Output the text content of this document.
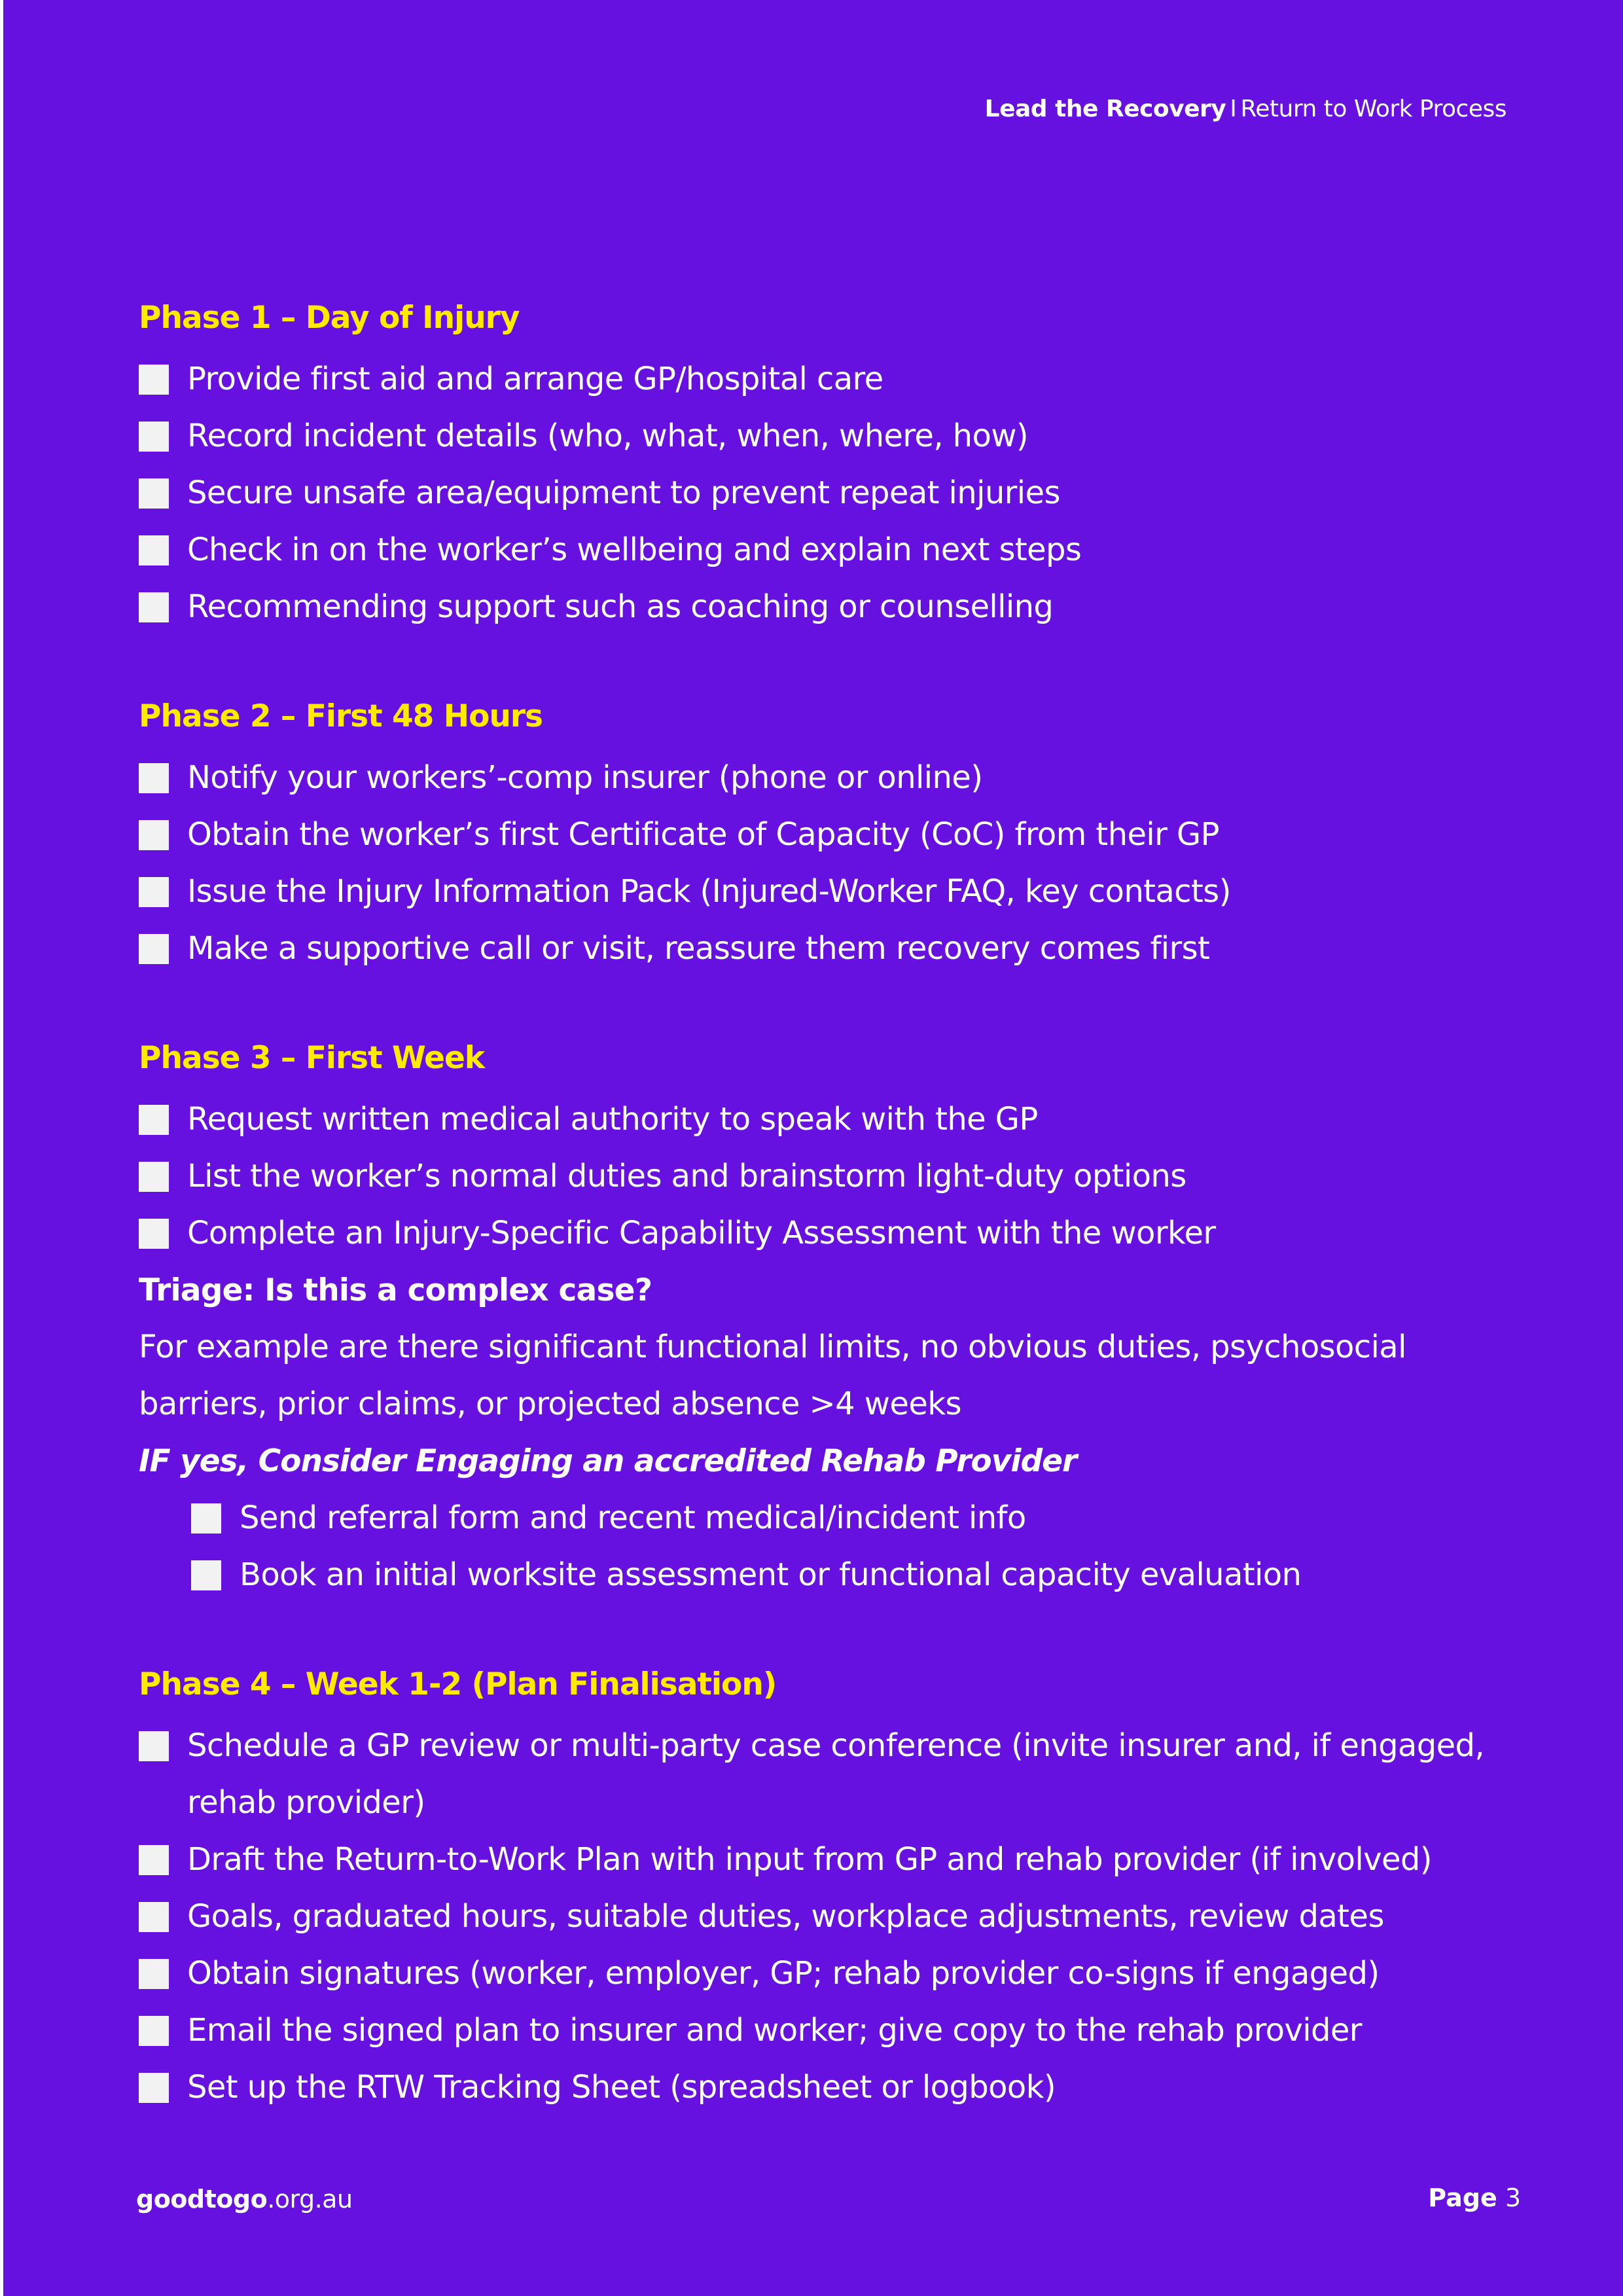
Lead the Recovery I Return to Work Process
Phase 1 – Day of Injury
Provide first aid and arrange GP/hospital care
Record incident details (who, what, when, where, how)
Secure unsafe area/equipment to prevent repeat injuries
Check in on the worker’s wellbeing and explain next steps
Recommending support such as coaching or counselling
Phase 2 – First 48 Hours
Notify your workers’-comp insurer (phone or online)
Obtain the worker’s first Certificate of Capacity (CoC) from their GP
Issue the Injury Information Pack (Injured-Worker FAQ, key contacts)
Make a supportive call or visit, reassure them recovery comes first
Phase 3 – First Week
Request written medical authority to speak with the GP
List the worker’s normal duties and brainstorm light-duty options
Complete an Injury-Specific Capability Assessment with the worker
Triage: Is this a complex case?
For example are there significant functional limits, no obvious duties, psychosocial barriers, prior claims, or projected absence >4 weeks
IF yes, Consider Engaging an accredited Rehab Provider
Send referral form and recent medical/incident info
Book an initial worksite assessment or functional capacity evaluation
Phase 4 – Week 1-2 (Plan Finalisation)
Schedule a GP review or multi-party case conference (invite insurer and, if engaged, rehab provider)
Draft the Return-to-Work Plan with input from GP and rehab provider (if involved)
Goals, graduated hours, suitable duties, workplace adjustments, review dates
Obtain signatures (worker, employer, GP; rehab provider co-signs if engaged)
Email the signed plan to insurer and worker; give copy to the rehab provider
Set up the RTW Tracking Sheet (spreadsheet or logbook)
goodtogo.org.au	Page 3
